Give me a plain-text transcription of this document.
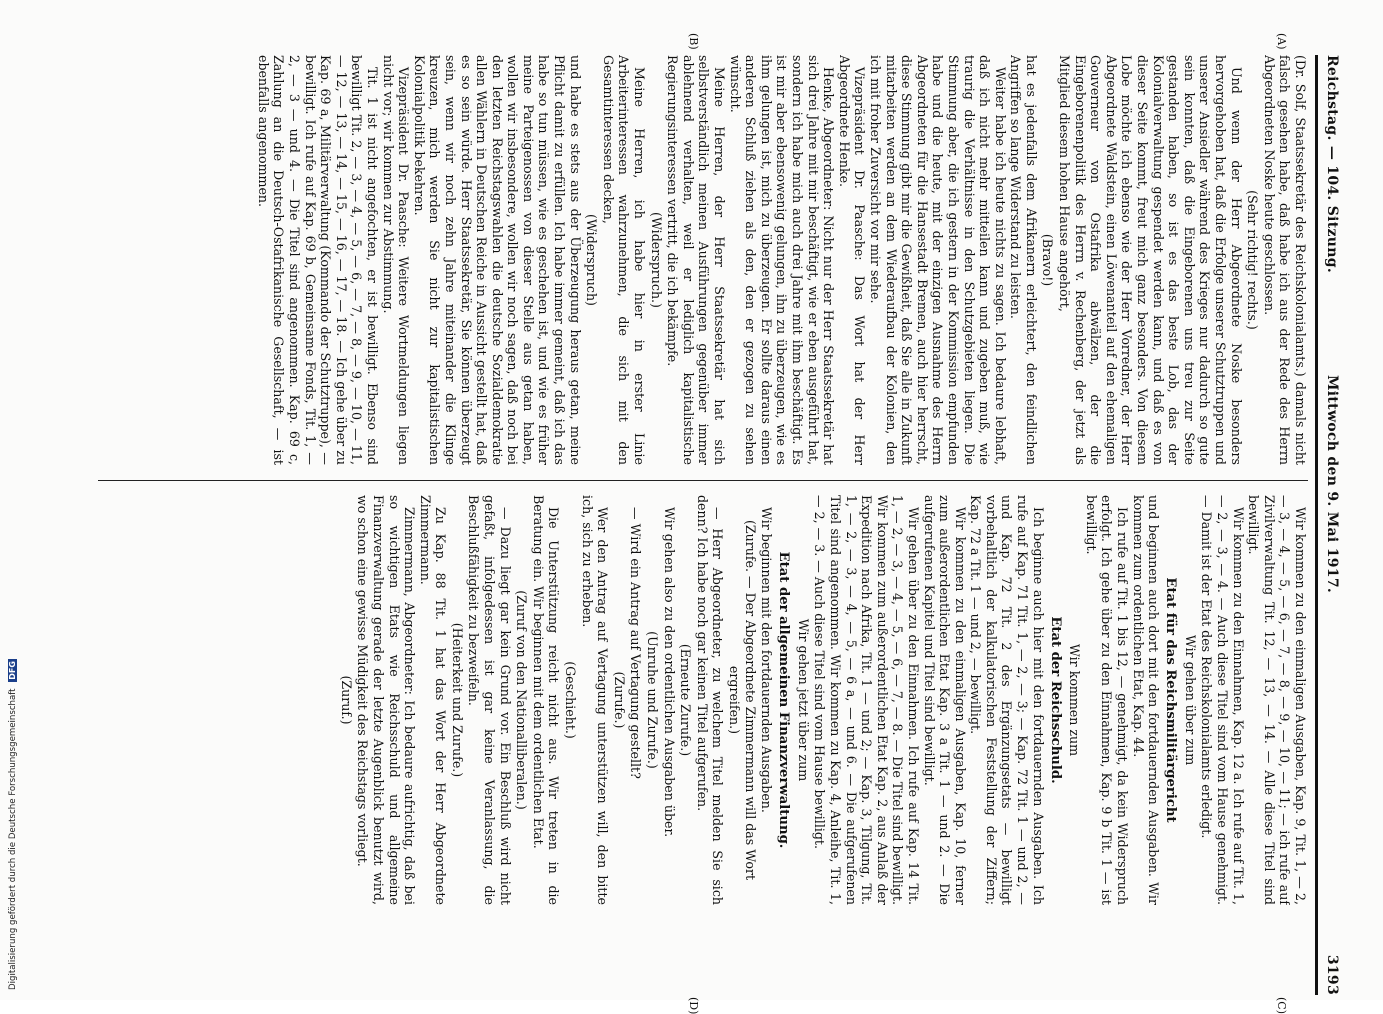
Reichstag. — 104. Sitzung.
Mittwoch den 9. Mai 1917.
3193
(A)
(B)
(C)
(D)

(Dr. Solf, Staatssekretär des Reichskolonialamts.) damals nicht falsch gesehen habe, daß habe ich aus der Rede des Herrn Abgeordneten Noske heute geschlossen.

(Sehr richtig! rechts.)

Und wenn der Herr Abgeordnete Noske besonders hervorgehoben hat, daß die Erfolge unserer Schutztruppen und unserer Ansiedler während des Krieges nur dadurch so gute sein konnten, daß die Eingeborenen uns treu zur Seite gestanden haben, so ist es das beste Lob, das der Kolonialverwaltung gespendet werden kann, und daß es von dieser Seite kommt, freut mich ganz besonders. Von diesem Lobe möchte ich ebenso wie der Herr Vorredner, der Herr Abgeordnete Waldstein, einen Löwenanteil auf den ehemaligen Gouverneur von Ostafrika abwälzen, der die Eingeborenenpolitik des Herrn v. Rechenberg, der jetzt als Mitglied diesem hohen Hause angehört,

(Bravo!)

hat es jedenfalls dem Afrikanern erleichtert, den feindlichen Angriffen so lange Widerstand zu leisten.

Weiter habe ich heute nichts zu sagen. Ich bedaure lebhaft, daß ich nicht mehr mitteilen kann und zugeben muß, wie traurig die Verhältnisse in den Schutzgebieten liegen. Die Stimmung aber, die ich gestern in der Kommission empfunden habe und die heute, mit der einzigen Ausnahme des Herrn Abgeordneten für die Hansestadt Bremen, auch hier herrscht, diese Stimmung gibt mir die Gewißheit, daß Sie alle in Zukunft mitarbeiten werden an dem Wiederaufbau der Kolonien, den ich mit froher Zuversicht vor mir sehe.

Vizepräsident Dr. Paasche: Das Wort hat der Herr Abgeordnete Henke.

Henke, Abgeordneter: Nicht nur der Herr Staatssekretär hat sich drei Jahre mit mir beschäftigt, wie er eben ausgeführt hat, sondern ich habe mich auch drei Jahre mit ihm beschäftigt. Es ist mir aber ebensowenig gelungen, ihn zu überzeugen, wie es ihm gelungen ist, mich zu überzeugen. Er sollte daraus einen anderen Schluß ziehen als den, den er gezogen zu sehen wünscht.

Meine Herren, der Herr Staatssekretär hat sich selbstverständlich meinen Ausführungen gegenüber immer ablehnend verhalten, weil er lediglich kapitalistische Regierungsinteressen vertritt, die ich bekämpfe.

(Widerspruch.)

Meine Herren, ich habe hier in erster Linie Arbeiterinteressen wahrzunehmen, die sich mit den Gesamtinteressen decken,

(Widerspruch)

und habe es stets aus der Überzeugung heraus getan, meine Pflicht damit zu erfüllen. Ich habe immer gemeint, daß ich das habe so tun müssen, wie es geschehen ist, und wie es früher meine Parteigenossen von dieser Stelle aus getan haben, wollen wir insbesondere, wollen wir noch sagen, daß noch bei den letzten Reichstagswahlen die deutsche Sozialdemokratie allen Wählern in Deutschen Reiche in Aussicht gestellt hat, daß es so sein würde. Herr Staatssekretär, Sie können überzeugt sein, wenn wir noch zehn Jahre miteinander die Klinge kreuzen, mich werden Sie nicht zur kapitalistischen Kolonialpolitik bekehren.

Vizepräsident Dr. Paasche: Weitere Wortmeldungen liegen nicht vor; wir kommen zur Abstimmung.

Tit. 1 ist nicht angefochten, er ist bewilligt. Ebenso sind bewilligt Tit. 2, — 3, — 4, — 5, — 6, — 7, — 8, — 9, — 10, — 11, — 12, — 13, — 14, — 15, — 16, — 17, — 18. — Ich gehe über zu Kap. 69 a, Militärverwaltung (Kommando der Schutztruppe), — bewilligt. Ich rufe auf Kap. 69 b, Gemeinsame Fonds, Tit. 1, — 2, — 3 — und 4. — Die Titel sind angenommen. Kap. 69 c, Zahlung an die Deutsch-Ostafrikanische Gesellschaft, — ist ebenfalls angenommen.

Wir kommen zu den einmaligen Ausgaben, Kap. 9, Tit. 1, — 2, — 3, — 4, — 5, — 6, — 7, — 8, — 9, — 10, — 11; — ich rufe auf Zivilverwaltung Tit. 12, — 13, — 14. — Alle diese Titel sind bewilligt.

Wir kommen zu den Einnahmen, Kap. 12 a. Ich rufe auf Tit. 1, — 2, — 3, — 4. — Auch diese Titel sind vom Hause genehmigt. — Damit ist der Etat des Reichskolonialamts erledigt.

Wir gehen über zum

Etat für das Reichsmilitärgericht

und beginnen auch dort mit den fortdauernden Ausgaben. Wir kommen zum ordentlichen Etat, Kap. 44.

Ich rufe auf Tit. 1 bis 12, — genehmigt, da kein Widerspruch erfolgt. Ich gehe über zu den Einnahmen, Kap. 9 b Tit. 1 — ist bewilligt.

Wir kommen zum

Etat der Reichsschuld.

Ich beginne auch hier mit den fortdauernden Ausgaben. Ich rufe auf Kap. 71 Tit. 1, — 2, — 3; — Kap. 72 Tit. 1 — und 2, — und Kap. 72 Tit. 2 des Ergänzungsetats — bewilligt vorbehaltlich der kalkulatorischen Feststellung der Ziffern; Kap. 72 a Tit. 1 — und 2, — bewilligt.

Wir kommen zu den einmaligen Ausgaben, Kap. 10, ferner zum außerordentlichen Etat Kap. 3 a Tit. 1 — und 2. — Die aufgerufenen Kapitel und Titel sind bewilligt.

Wir gehen über zu den Einnahmen. Ich rufe auf Kap. 14 Tit. 1, — 2, — 3, — 4, — 5, — 6, — 7, — 8. — Die Titel sind bewilligt. Wir kommen zum außerordentlichen Etat Kap. 2, aus Anlaß der Expedition nach Afrika, Tit. 1 — und 2; — Kap. 3, Tilgung, Tit. 1, — 2, — 3, — 4, — 5, — 6 a, — und 6. — Die aufgerufenen Titel sind angenommen. Wir kommen zu Kap. 4, Anleihe, Tit. 1, — 2, — 3. — Auch diese Titel sind vom Hause bewilligt.

Wir gehen jetzt über zum

Etat der allgemeinen Finanzverwaltung.

Wir beginnen mit den fortdauernden Ausgaben.

(Zurufe. — Der Abgeordnete Zimmermann will das Wort ergreifen.)

— Herr Abgeordneter, zu welchem Titel melden Sie sich denn? Ich habe noch gar keinen Titel aufgerufen.

(Erneute Zurufe.)

Wir gehen also zu den ordentlichen Ausgaben über.

(Unruhe und Zurufe.)

— Wird ein Antrag auf Vertagung gestellt?

(Zurufe.)

Wer den Antrag auf Vertagung unterstützen will, den bitte ich, sich zu erheben.

(Geschieht.)

Die Unterstützung reicht nicht aus. Wir treten in die Beratung ein. Wir beginnen mit dem ordentlichen Etat.

(Zuruf von den Nationalliberalen.)

— Dazu liegt gar kein Grund vor. Ein Beschluß wird nicht gefaßt, infolgedessen ist gar keine Veranlassung, die Beschlußfähigkeit zu bezweifeln.

(Heiterkeit und Zurufe.)

Zu Kap. 88 Tit. 1 hat das Wort der Herr Abgeordnete Zimmermann.

Zimmermann, Abgeordneter: Ich bedaure aufrichtig, daß bei so wichtigen Etats wie Reichsschuld und allgemeine Finanzverwaltung gerade der letzte Augenblick benutzt wird, wo schon eine gewisse Müdigkeit des Reichstags vorliegt.

(Zuruf.)

Digitalisierung gefördert durch die Deutsche Forschungsgemeinschaft DFG
